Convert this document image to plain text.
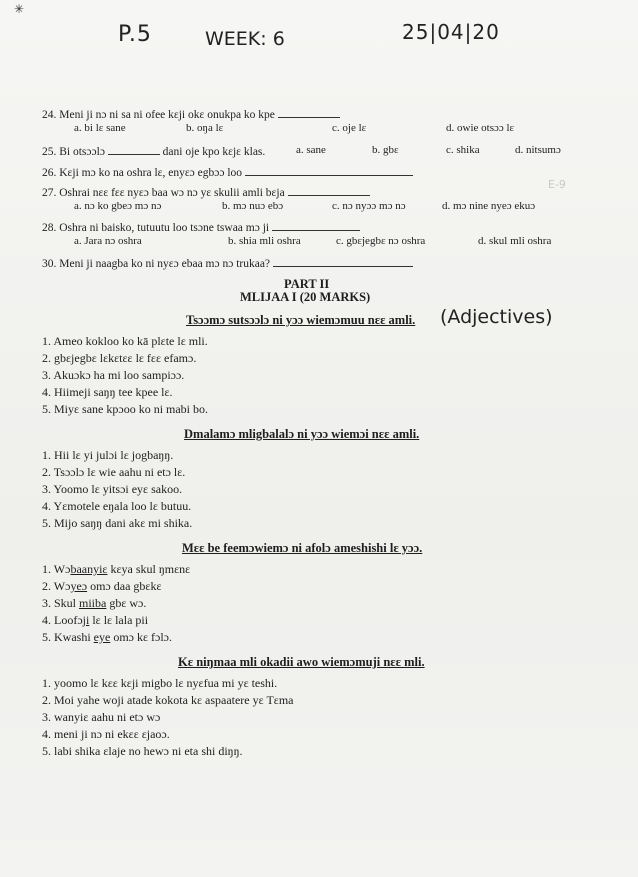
✳
P.5	WEEK: 6	25|04|20
24. Meni ji nɔ ni sa ni ofee kɛji okɛ onukpa ko kpe
a. bi lɛ sane	b. oŋa lɛ	c. oje lɛ	d. owie otsɔɔ lɛ
25. Bi otsɔɔlɔ	dani oje kpo kɛjɛ klas.	a. sane	b. gbɛ	c. shika	d. nitsumɔ
26. Kɛji mɔ ko na oshra lɛ, enyɛɔ egbɔɔ loo
27. Oshrai nɛɛ fɛɛ nyɛɔ baa wɔ nɔ yɛ skulii amli bɛja
a. nɔ ko gbeɔ mɔ nɔ	b. mɔ nuɔ ebɔ	c. nɔ nyɔɔ mɔ nɔ	d. mɔ nine nyeɔ ekuɔ
28. Oshra ni baisko, tutuutu loo tsɔne tswaa mɔ ji
a. Jara nɔ oshra	b. shia mli oshra	c. gbɛjegbɛ nɔ oshra	d. skul mli oshra
30. Meni ji naagba ko ni nyɛɔ ebaa mɔ nɔ trukaa?
E-9
PART II
MLIJAA I (20 MARKS)
Tsɔɔmɔ sutsɔɔlɔ ni yɔɔ wiemɔmuu nɛɛ amli. (Adjectives)
1. Ameo kokloo ko kā plɛte lɛ mli.
2. gbɛjegbɛ lɛkɛtɛɛ lɛ fɛɛ efamɔ.
3. Akuɔkɔ ha mi loo sampiɔɔ.
4. Hiimeji saŋŋ tee kpee lɛ.
5. Miyɛ sane kpɔoo ko ni mabi bo.
Dmalamɔ mligbalalɔ ni yɔɔ wiemɔi nɛɛ amli.
1. Hii lɛ yi julɔi lɛ jogbaŋŋ.
2. Tsɔɔlɔ lɛ wie aahu ni etɔ lɛ.
3. Yoomo lɛ yitsɔi eyɛ sakoo.
4. Yɛmotele eŋala loo lɛ butuu.
5. Mijo saŋŋ dani akɛ mi shika.
Mɛɛ be feemɔwiemɔ ni afolɔ ameshishi lɛ yɔɔ.
1. Wɔbaanyiɛ kɛya skul ŋmɛnɛ
2. Wɔyeɔ omɔ daa gbɛkɛ
3. Skul miiba gbɛ wɔ.
4. Loofɔji lɛ lɛ lala pii
5. Kwashi eye omɔ kɛ fɔlɔ.
Kɛ niŋmaa mli okadii awo wiemɔmuji nɛɛ mli.
1. yoomo lɛ kɛɛ kɛji migbo lɛ nyɛfua mi yɛ teshi.
2. Moi yahe woji atade kokota kɛ aspaatere yɛ Tɛma
3. wanyiɛ aahu ni etɔ wɔ
4. meni ji nɔ ni ekɛɛ ɛjaoɔ.
5. labi shika ɛlaje no hewɔ ni eta shi diŋŋ.
